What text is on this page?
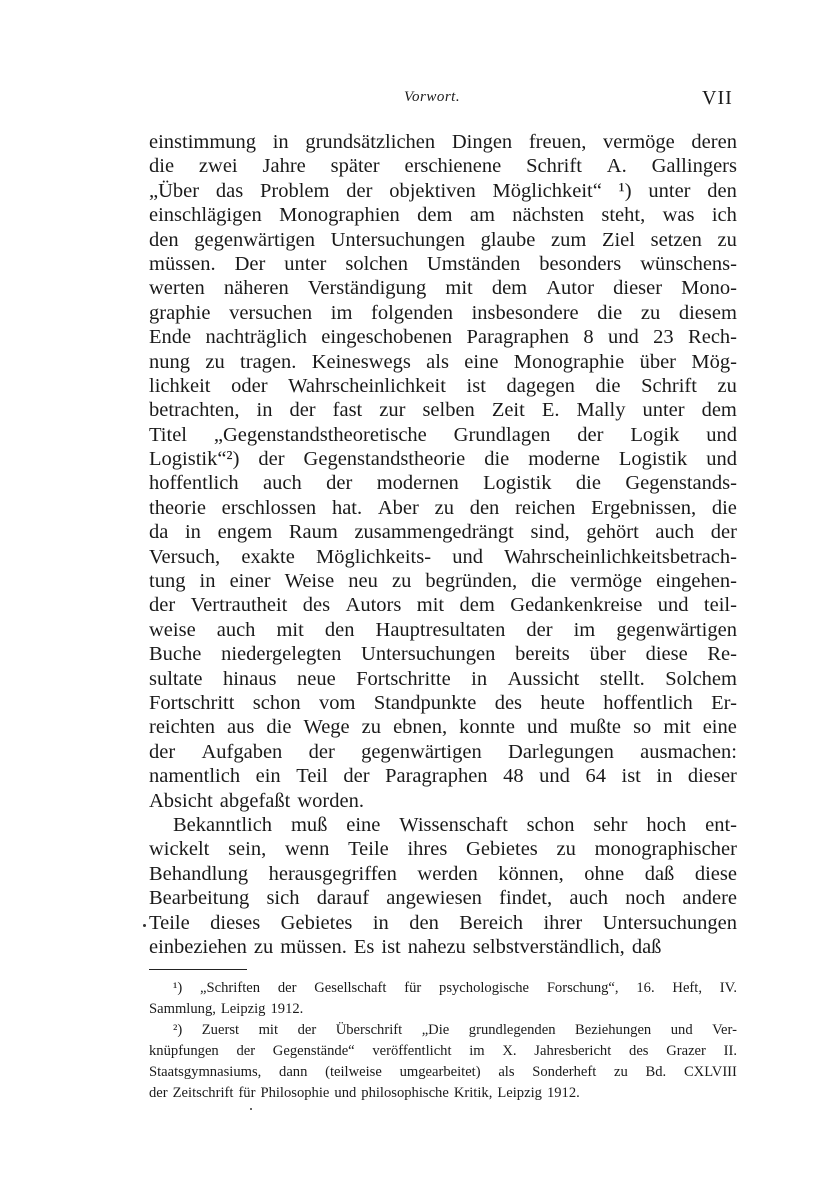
Vorwort.	VII
einstimmung in grundsätzlichen Dingen freuen, vermöge deren
die zwei Jahre später erschienene Schrift A. Gallingers
„Über das Problem der objektiven Möglichkeit“ ¹) unter den
einschlägigen Monographien dem am nächsten steht, was ich
den gegenwärtigen Untersuchungen glaube zum Ziel setzen zu
müssen. Der unter solchen Umständen besonders wünschens-
werten näheren Verständigung mit dem Autor dieser Mono-
graphie versuchen im folgenden insbesondere die zu diesem
Ende nachträglich eingeschobenen Paragraphen 8 und 23 Rech-
nung zu tragen. Keineswegs als eine Monographie über Mög-
lichkeit oder Wahrscheinlichkeit ist dagegen die Schrift zu
betrachten, in der fast zur selben Zeit E. Mally unter dem
Titel „Gegenstandstheoretische Grundlagen der Logik und
Logistik“²) der Gegenstandstheorie die moderne Logistik und
hoffentlich auch der modernen Logistik die Gegenstands-
theorie erschlossen hat. Aber zu den reichen Ergebnissen, die
da in engem Raum zusammengedrängt sind, gehört auch der
Versuch, exakte Möglichkeits- und Wahrscheinlichkeitsbetrach-
tung in einer Weise neu zu begründen, die vermöge eingehen-
der Vertrautheit des Autors mit dem Gedankenkreise und teil-
weise auch mit den Hauptresultaten der im gegenwärtigen
Buche niedergelegten Untersuchungen bereits über diese Re-
sultate hinaus neue Fortschritte in Aussicht stellt. Solchem
Fortschritt schon vom Standpunkte des heute hoffentlich Er-
reichten aus die Wege zu ebnen, konnte und mußte so mit eine
der Aufgaben der gegenwärtigen Darlegungen ausmachen:
namentlich ein Teil der Paragraphen 48 und 64 ist in dieser
Absicht abgefaßt worden.
Bekanntlich muß eine Wissenschaft schon sehr hoch ent-
wickelt sein, wenn Teile ihres Gebietes zu monographischer
Behandlung herausgegriffen werden können, ohne daß diese
Bearbeitung sich darauf angewiesen findet, auch noch andere
Teile dieses Gebietes in den Bereich ihrer Untersuchungen
einbeziehen zu müssen. Es ist nahezu selbstverständlich, daß
¹) „Schriften der Gesellschaft für psychologische Forschung“, 16. Heft, IV.
Sammlung, Leipzig 1912.
²) Zuerst mit der Überschrift „Die grundlegenden Beziehungen und Ver-
knüpfungen der Gegenstände“ veröffentlicht im X. Jahresbericht des Grazer II.
Staatsgymnasiums, dann (teilweise umgearbeitet) als Sonderheft zu Bd. CXLVIII
der Zeitschrift für Philosophie und philosophische Kritik, Leipzig 1912.
